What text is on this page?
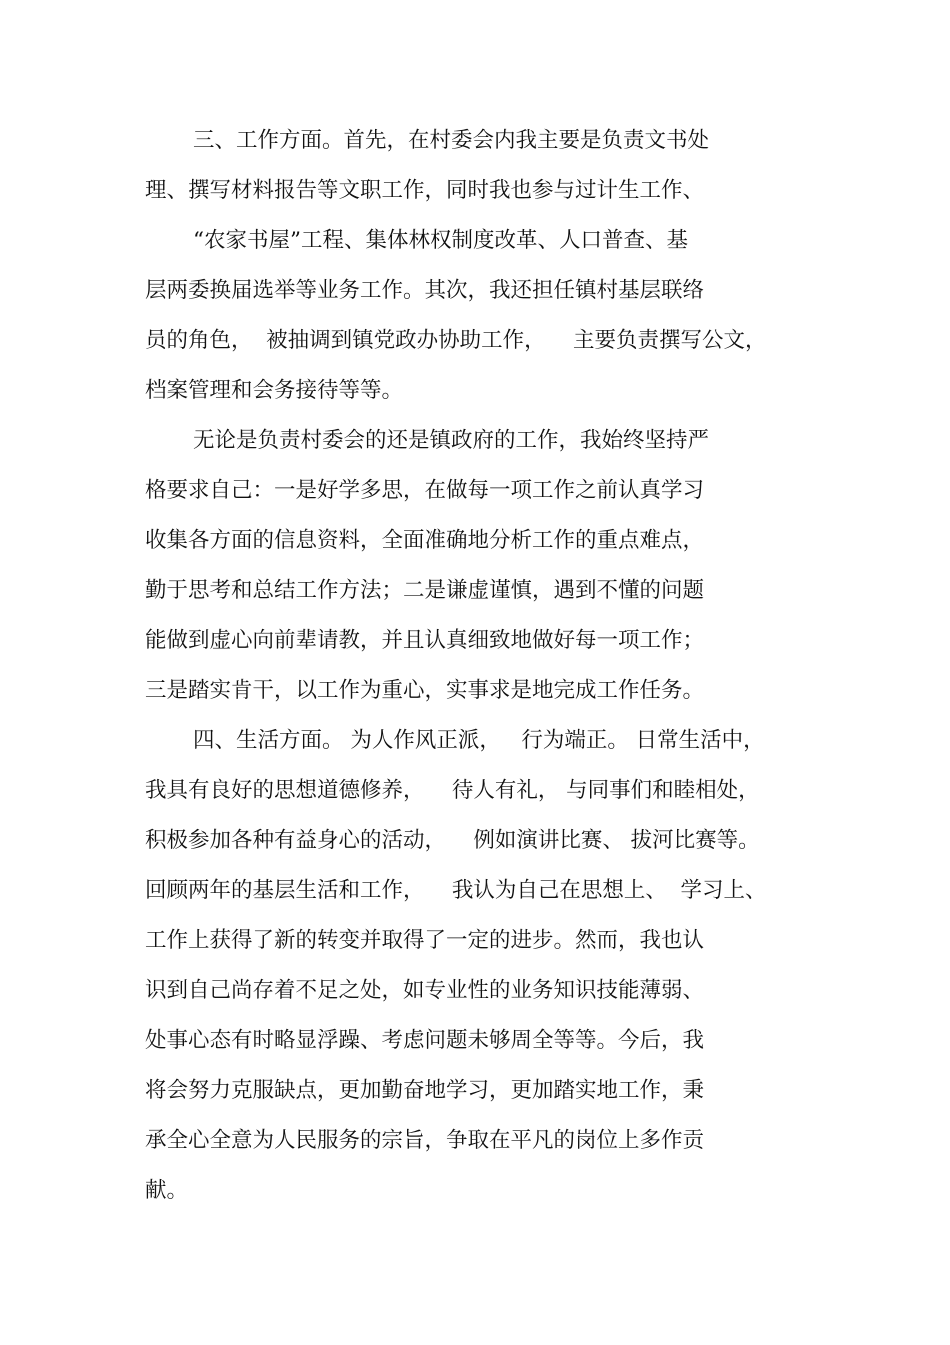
三、工作方面。首先，在村委会内我主要是负责文书处
理、撰写材料报告等文职工作，同时我也参与过计生工作、
“农家书屋”工程、集体林权制度改革、人口普查、基
层两委换届选举等业务工作。其次，我还担任镇村基层联络
员的角色，  被抽调到镇党政办协助工作，    主要负责撰写公文，
档案管理和会务接待等等。
无论是负责村委会的还是镇政府的工作，我始终坚持严
格要求自己：一是好学多思，在做每一项工作之前认真学习
收集各方面的信息资料，全面准确地分析工作的重点难点，
勤于思考和总结工作方法；二是谦虚谨慎，遇到不懂的问题
能做到虚心向前辈请教，并且认真细致地做好每一项工作；
三是踏实肯干，以工作为重心，实事求是地完成工作任务。
四、生活方面。 为人作风正派，   行为端正。 日常生活中，
我具有良好的思想道德修养，    待人有礼， 与同事们和睦相处，
积极参加各种有益身心的活动，    例如演讲比赛、 拔河比赛等。
回顾两年的基层生活和工作，    我认为自己在思想上、  学习上、
工作上获得了新的转变并取得了一定的进步。然而，我也认
识到自己尚存着不足之处，如专业性的业务知识技能薄弱、
处事心态有时略显浮躁、考虑问题未够周全等等。今后，我
将会努力克服缺点，更加勤奋地学习，更加踏实地工作，秉
承全心全意为人民服务的宗旨，争取在平凡的岗位上多作贡
献。
